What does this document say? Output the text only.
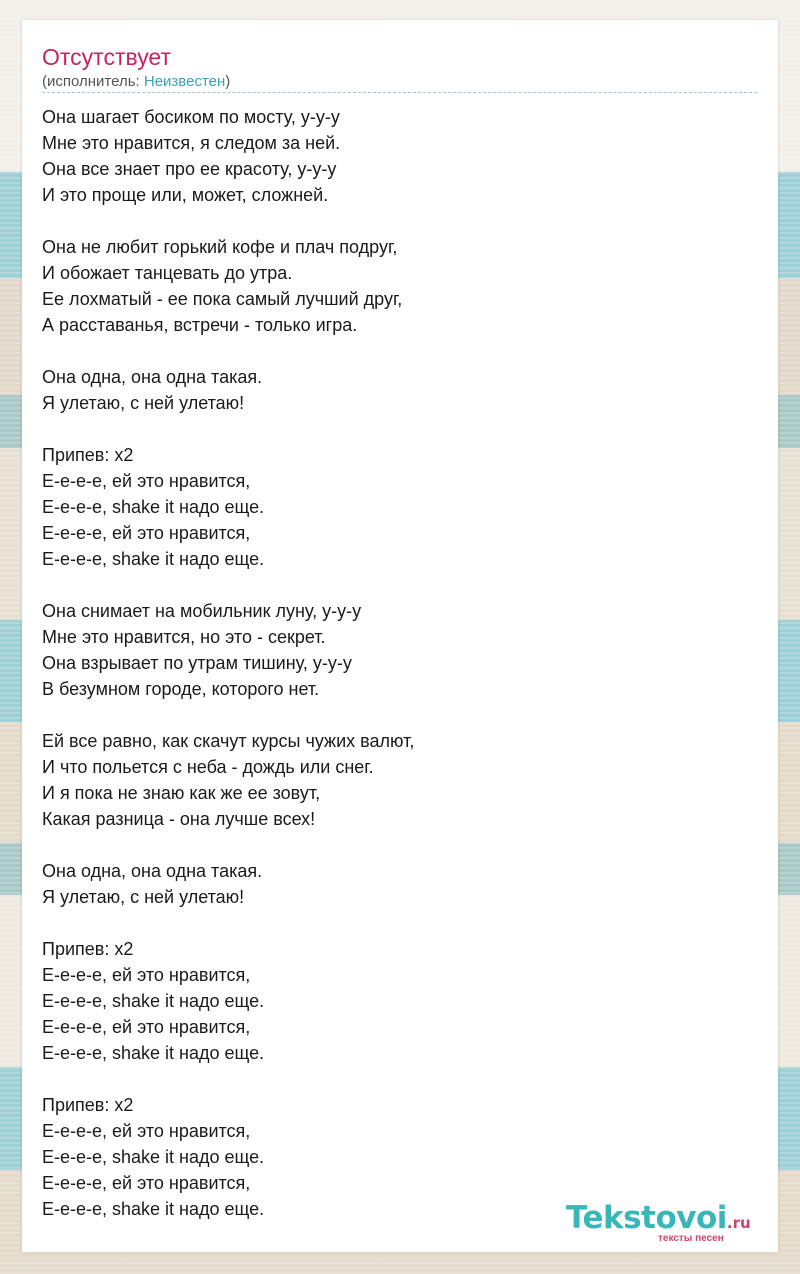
Отсутствует
(исполнитель: Неизвестен)
Она шагает босиком по мосту, у-у-у
Мне это нравится, я следом за ней.
Она все знает про ее красоту, у-у-у
И это проще или, может, сложней.
Она не любит горький кофе и плач подруг,
И обожает танцевать до утра.
Ее лохматый - ее пока самый лучший друг,
А расставанья, встречи - только игра.
Она одна, она одна такая.
Я улетаю, с ней улетаю!
Припев: x2
Е-е-е-е, ей это нравится,
Е-е-е-е, shake it надо еще.
Е-е-е-е, ей это нравится,
Е-е-е-е, shake it надо еще.
Она снимает на мобильник луну, у-у-у
Мне это нравится, но это - секрет.
Она взрывает по утрам тишину, у-у-у
В безумном городе, которого нет.
Ей все равно, как скачут курсы чужих валют,
И что польется с неба - дождь или снег.
И я пока не знаю как же ее зовут,
Какая разница - она лучше всех!
Она одна, она одна такая.
Я улетаю, с ней улетаю!
Припев: x2
Е-е-е-е, ей это нравится,
Е-е-е-е, shake it надо еще.
Е-е-е-е, ей это нравится,
Е-е-е-е, shake it надо еще.
Припев: x2
Е-е-е-е, ей это нравится,
Е-е-е-е, shake it надо еще.
Е-е-е-е, ей это нравится,
Е-е-е-е, shake it надо еще.	Tekstovoi.ru
тексты песен
